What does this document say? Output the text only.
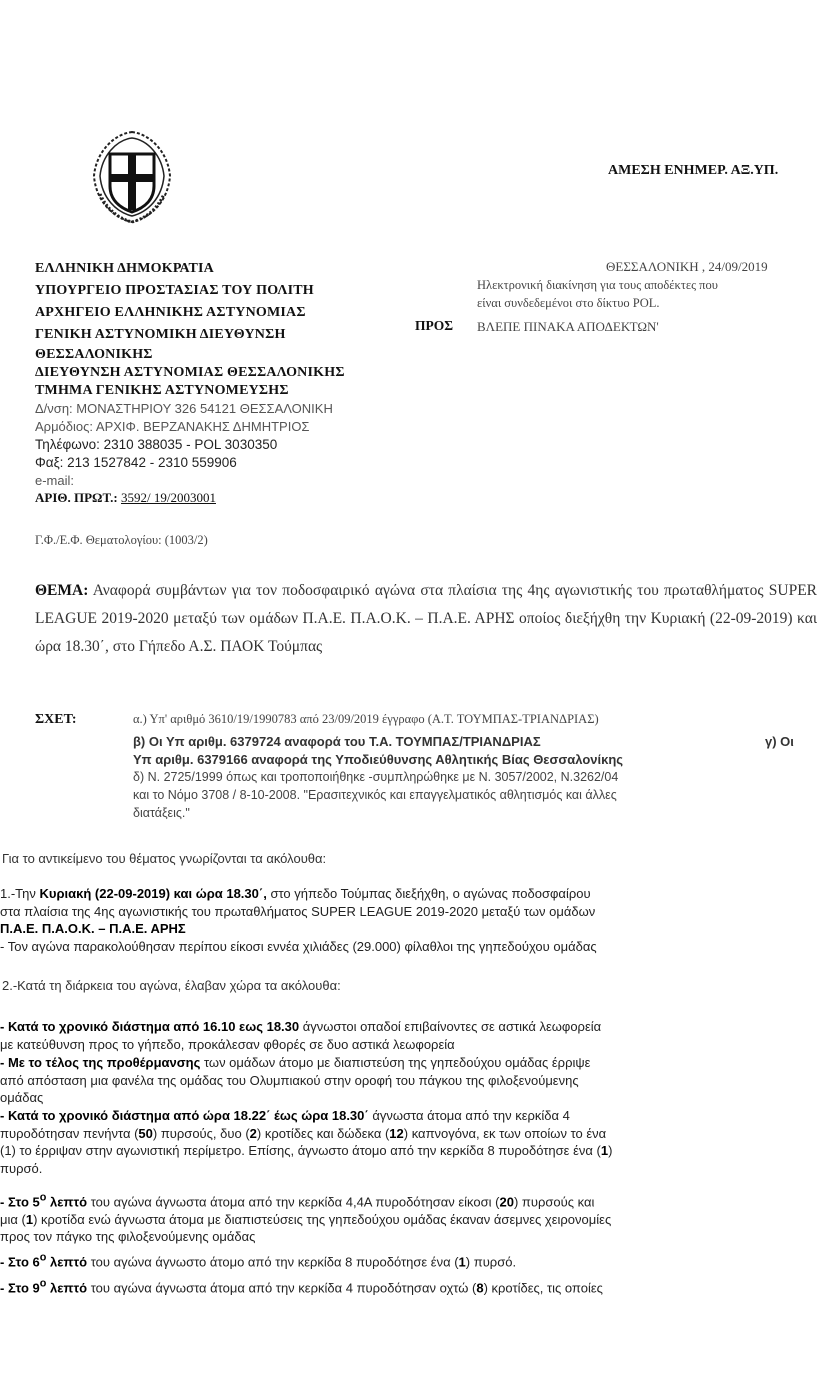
ΑΜΕΣΗ ΕΝΗΜΕΡ. ΑΞ.ΥΠ.
ΕΛΛΗΝΙΚΗ ΔΗΜΟΚΡΑΤΙΑ
ΥΠΟΥΡΓΕΙΟ ΠΡΟΣΤΑΣΙΑΣ ΤΟΥ ΠΟΛΙΤΗ
ΑΡΧΗΓΕΙΟ ΕΛΛΗΝΙΚΗΣ ΑΣΤΥΝΟΜΙΑΣ
ΓΕΝΙΚΗ ΑΣΤΥΝΟΜΙΚΗ ΔΙΕΥΘΥΝΣΗ
ΘΕΣΣΑΛΟΝΙΚΗΣ
ΔΙΕΥΘΥΝΣΗ ΑΣΤΥΝΟΜΙΑΣ ΘΕΣΣΑΛΟΝΙΚΗΣ
ΤΜΗΜΑ ΓΕΝΙΚΗΣ ΑΣΤΥΝΟΜΕΥΣΗΣ
Δ/νση: ΜΟΝΑΣΤΗΡΙΟΥ 326 54121 ΘΕΣΣΑΛΟΝΙΚΗ
Αρμόδιος: ΑΡΧΙΦ. ΒΕΡΖΑΝΑΚΗΣ ΔΗΜΗΤΡΙΟΣ
Τηλέφωνο: 2310 388035 - POL 3030350
Φαξ: 213 1527842 - 2310 559906
e-mail:
ΑΡΙΘ. ΠΡΩΤ.: 3592/ 19/2003001
Γ.Φ./Ε.Φ. Θεματολογίου: (1003/2)
ΘΕΣΣΑΛΟΝΙΚΗ , 24/09/2019
Ηλεκτρονική διακίνηση για τους αποδέκτες που
είναι συνδεδεμένοι στο δίκτυο POL.
ΠΡΟΣ ΒΛΕΠΕ ΠΙΝΑΚΑ ΑΠΟΔΕΚΤΩΝ'
ΘΕΜΑ: Αναφορά συμβάντων για τον ποδοσφαιρικό αγώνα στα πλαίσια της 4ης αγωνιστικής του πρωταθλήματος SUPER LEAGUE 2019-2020 μεταξύ των ομάδων Π.Α.Ε. Π.Α.Ο.Κ. – Π.Α.Ε. ΑΡΗΣ οποίος διεξήχθη την Κυριακή (22-09-2019) και ώρα 18.30΄, στο Γήπεδο Α.Σ. ΠΑΟΚ Τούμπας
ΣΧΕΤ:	α.) Υπ' αριθμό 3610/19/1990783 από 23/09/2019 έγγραφο (Α.Τ. ΤΟΥΜΠΑΣ-ΤΡΙΑΝΔΡΙΑΣ)
β) Οι Υπ αριθμ. 6379724 αναφορά του Τ.Α. ΤΟΥΜΠΑΣ/ΤΡΙΑΝΔΡΙΑΣ	γ) Οι
Υπ αριθμ. 6379166 αναφορά της Υποδιεύθυνσης Αθλητικής Βίας Θεσσαλονίκης
δ) Ν. 2725/1999 όπως και τροποποιήθηκε -συμπληρώθηκε με Ν. 3057/2002, Ν.3262/04
και το Νόμο 3708 / 8-10-2008. "Ερασιτεχνικός και επαγγελματικός αθλητισμός και άλλες
διατάξεις."
Για το αντικείμενο του θέματος γνωρίζονται τα ακόλουθα:

1.-Την Κυριακή (22-09-2019) και ώρα 18.30΄, στο γήπεδο Τούμπας διεξήχθη, ο αγώνας ποδοσφαίρου

στα πλαίσια της 4ης αγωνιστικής του πρωταθλήματος SUPER LEAGUE 2019-2020 μεταξύ των ομάδων

Π.Α.Ε. Π.Α.Ο.Κ. – Π.Α.Ε. ΑΡΗΣ

- Τον αγώνα παρακολούθησαν περίπου είκοσι εννέα χιλιάδες (29.000) φίλαθλοι της γηπεδούχου ομάδας

2.-Κατά τη διάρκεια του αγώνα, έλαβαν χώρα τα ακόλουθα:

- Κατά το χρονικό διάστημα από 16.10 εως 18.30 άγνωστοι οπαδοί επιβαίνοντες σε αστικά λεωφορεία

με κατεύθυνση προς το γήπεδο, προκάλεσαν φθορές σε δυο αστικά λεωφορεία

- Με το τέλος της προθέρμανσης των ομάδων άτομο με διαπιστεύση της γηπεδούχου ομάδας έρριψε

από απόσταση μια φανέλα της ομάδας του Ολυμπιακού στην οροφή του πάγκου της φιλοξενούμενης

ομάδας

- Κατά το χρονικό διάστημα από ώρα 18.22΄ έως ώρα 18.30΄ άγνωστα άτομα από την κερκίδα 4

πυροδότησαν πενήντα (50) πυρσούς, δυο (2) κροτίδες και δώδεκα (12) καπνογόνα, εκ των οποίων το ένα

(1) το έρριψαν στην αγωνιστική περίμετρο. Επίσης, άγνωστο άτομο από την κερκίδα 8 πυροδότησε ένα (1)

πυρσό.

- Στο $5^o$ λεπτό του αγώνα άγνωστα άτομα από την κερκίδα 4,4Α πυροδότησαν είκοσι (20) πυρσούς και

μια (1) κροτίδα ενώ άγνωστα άτομα με διαπιστεύσεις της γηπεδούχου ομάδας έκαναν άσεμνες χειρονομίες

προς τον πάγκο της φιλοξενούμενης ομάδας

- Στο $6^o$ λεπτό του αγώνα άγνωστο άτομο από την κερκίδα 8 πυροδότησε ένα (1) πυρσό.

- Στο $9^o$ λεπτό του αγώνα άγνωστα άτομα από την κερκίδα 4 πυροδότησαν οχτώ (8) κροτίδες, τις οποίες
